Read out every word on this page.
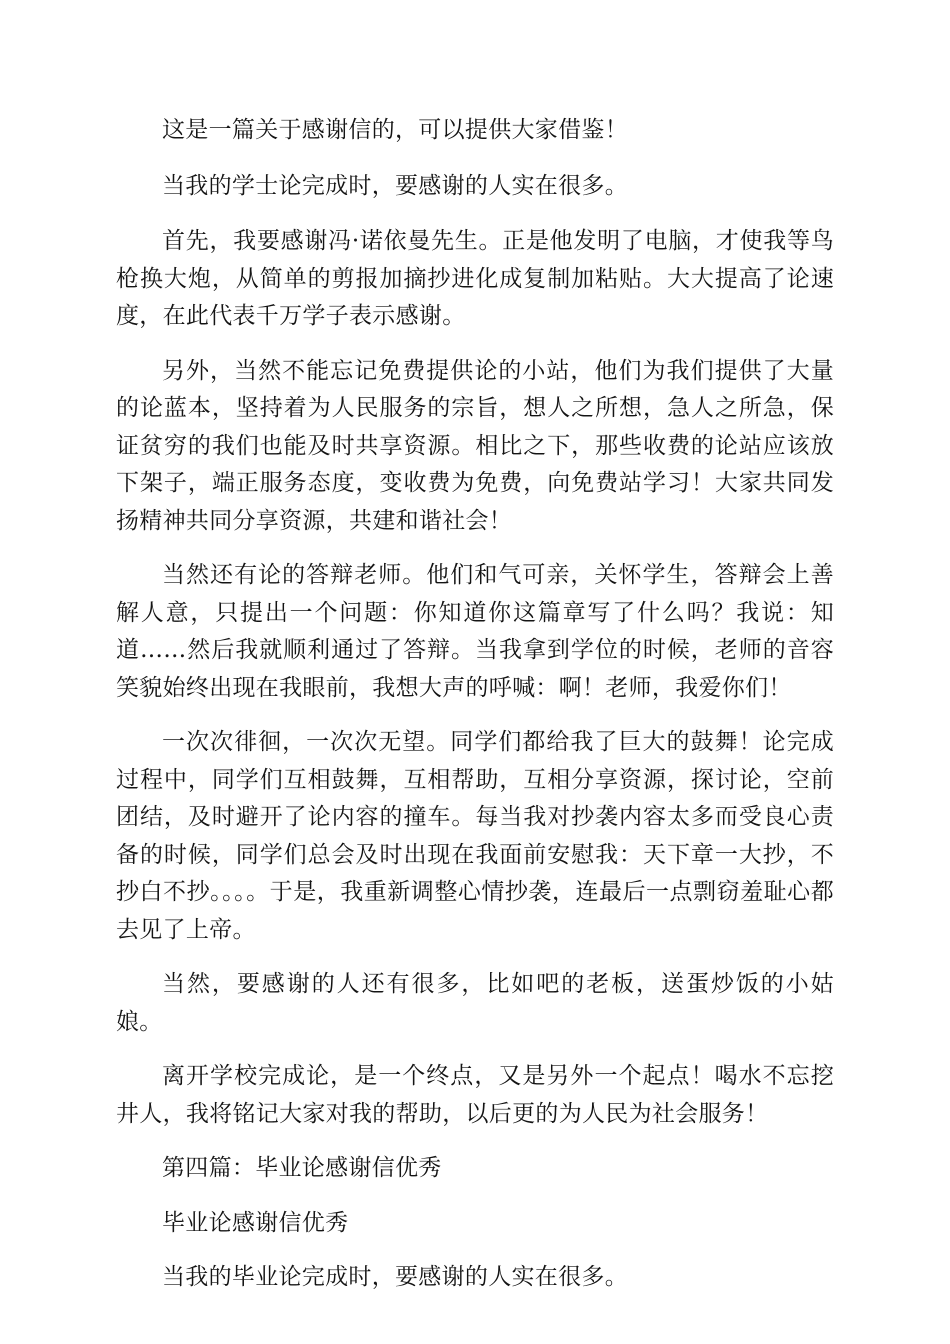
这是一篇关于感谢信的，可以提供大家借鉴！

当我的学士论完成时，要感谢的人实在很多。

首先，我要感谢冯·诺依曼先生。正是他发明了电脑，才使我等鸟枪换大炮，从简单的剪报加摘抄进化成复制加粘贴。大大提高了论速度，在此代表千万学子表示感谢。

另外，当然不能忘记免费提供论的小站，他们为我们提供了大量的论蓝本，坚持着为人民服务的宗旨，想人之所想，急人之所急，保证贫穷的我们也能及时共享资源。相比之下，那些收费的论站应该放下架子，端正服务态度，变收费为免费，向免费站学习！大家共同发扬精神共同分享资源，共建和谐社会！

当然还有论的答辩老师。他们和气可亲，关怀学生，答辩会上善解人意，只提出一个问题：你知道你这篇章写了什么吗？我说：知道……然后我就顺利通过了答辩。当我拿到学位的时候，老师的音容笑貌始终出现在我眼前，我想大声的呼喊：啊！老师，我爱你们！

一次次徘徊，一次次无望。同学们都给我了巨大的鼓舞！论完成过程中，同学们互相鼓舞，互相帮助，互相分享资源，探讨论，空前团结，及时避开了论内容的撞车。每当我对抄袭内容太多而受良心责备的时候，同学们总会及时出现在我面前安慰我：天下章一大抄，不抄白不抄。。。。于是，我重新调整心情抄袭，连最后一点剽窃羞耻心都去见了上帝。

当然，要感谢的人还有很多，比如吧的老板，送蛋炒饭的小姑娘。

离开学校完成论，是一个终点，又是另外一个起点！喝水不忘挖井人，我将铭记大家对我的帮助，以后更的为人民为社会服务！

第四篇：毕业论感谢信优秀

毕业论感谢信优秀

当我的毕业论完成时，要感谢的人实在很多。
